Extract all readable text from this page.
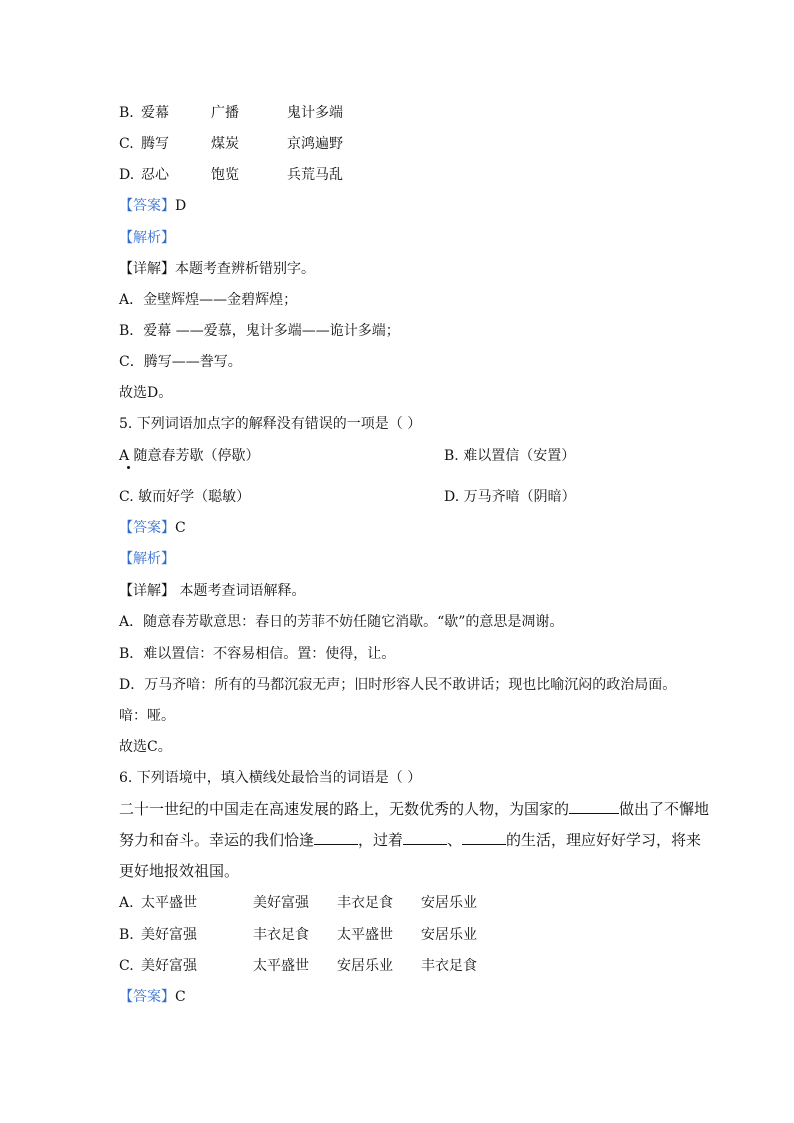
B. 爱幕	广播	鬼计多端
C. 腾写	煤炭	京鸿遍野
D. 忍心	饱览	兵荒马乱
【答案】D
【解析】
【详解】本题考查辨析错别字。
A．金壁辉煌——金碧辉煌；
B．爱幕 ——爱慕，鬼计多端——诡计多端；
C．腾写——誊写。
故选D。
5. 下列词语加点字的解释没有错误的一项是（ ）
A 随意春芳歇（停歇）	B. 难以置信（安置）
C. 敏而好学（聪敏）	D. 万马齐喑（阴暗）
【答案】C
【解析】
【详解】 本题考查词语解释。
A．随意春芳歇意思：春日的芳菲不妨任随它消歇。“歇”的意思是凋谢。
B．难以置信：不容易相信。置：使得，让。
D．万马齐喑：所有的马都沉寂无声；旧时形容人民不敢讲话；现也比喻沉闷的政治局面。
喑：哑。
故选C。
6. 下列语境中，填入横线处最恰当的词语是（ ）
二十一世纪的中国走在高速发展的路上，无数优秀的人物，为国家的	做出了不懈地
努力和奋斗。幸运的我们恰逢	，过着	、	的生活，理应好好学习，将来
更好地报效祖国。
A. 太平盛世	美好富强 丰衣足食 安居乐业
B. 美好富强	丰衣足食 太平盛世 安居乐业
C. 美好富强	太平盛世 安居乐业 丰衣足食
【答案】C
